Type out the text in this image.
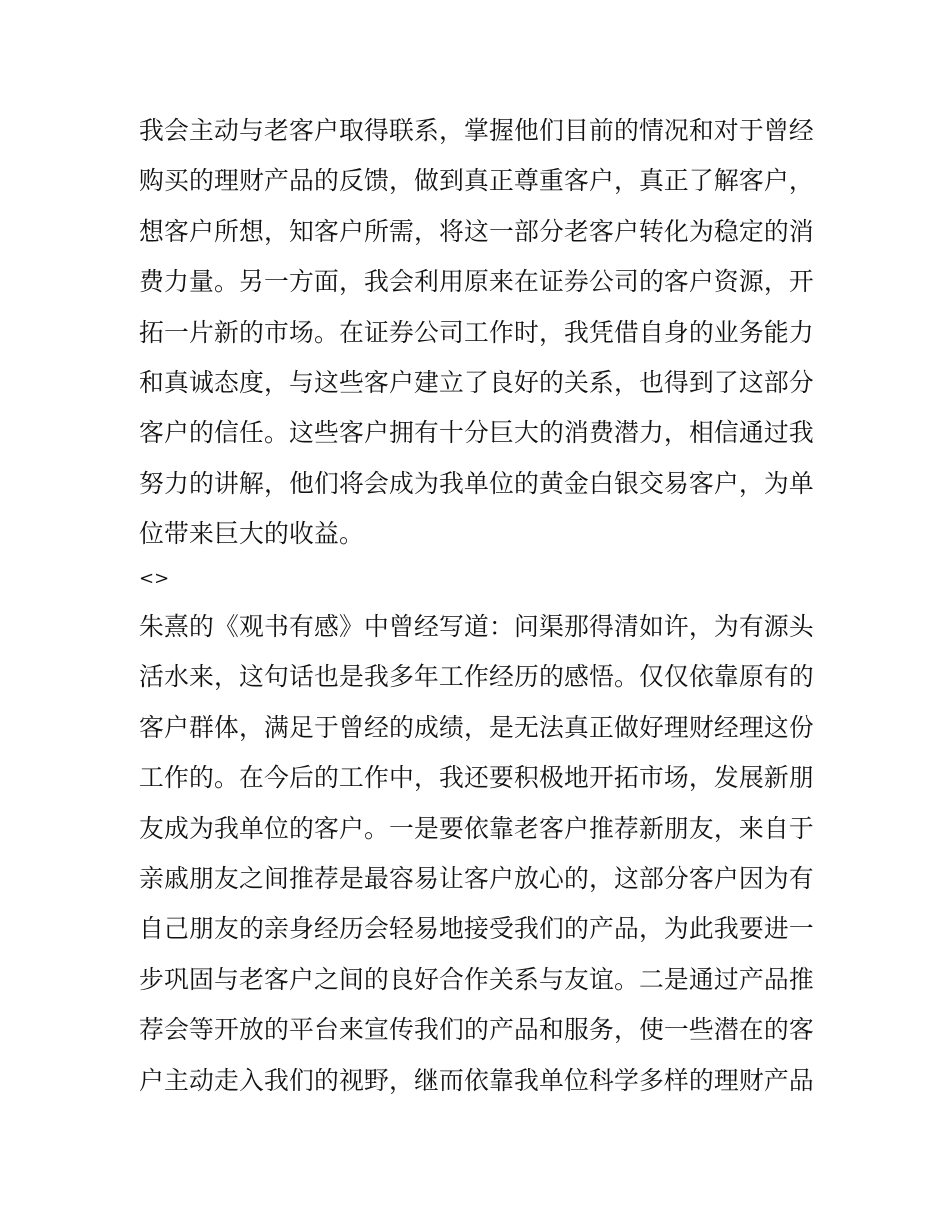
我会主动与老客户取得联系，掌握他们目前的情况和对于曾经
购买的理财产品的反馈，做到真正尊重客户，真正了解客户，
想客户所想，知客户所需，将这一部分老客户转化为稳定的消
费力量。另一方面，我会利用原来在证券公司的客户资源，开
拓一片新的市场。在证券公司工作时，我凭借自身的业务能力
和真诚态度，与这些客户建立了良好的关系，也得到了这部分
客户的信任。这些客户拥有十分巨大的消费潜力，相信通过我
努力的讲解，他们将会成为我单位的黄金白银交易客户，为单
位带来巨大的收益。
<>
朱熹的《观书有感》中曾经写道：问渠那得清如许，为有源头
活水来，这句话也是我多年工作经历的感悟。仅仅依靠原有的
客户群体，满足于曾经的成绩，是无法真正做好理财经理这份
工作的。在今后的工作中，我还要积极地开拓市场，发展新朋
友成为我单位的客户。一是要依靠老客户推荐新朋友，来自于
亲戚朋友之间推荐是最容易让客户放心的，这部分客户因为有
自己朋友的亲身经历会轻易地接受我们的产品，为此我要进一
步巩固与老客户之间的良好合作关系与友谊。二是通过产品推
荐会等开放的平台来宣传我们的产品和服务，使一些潜在的客
户主动走入我们的视野，继而依靠我单位科学多样的理财产品
